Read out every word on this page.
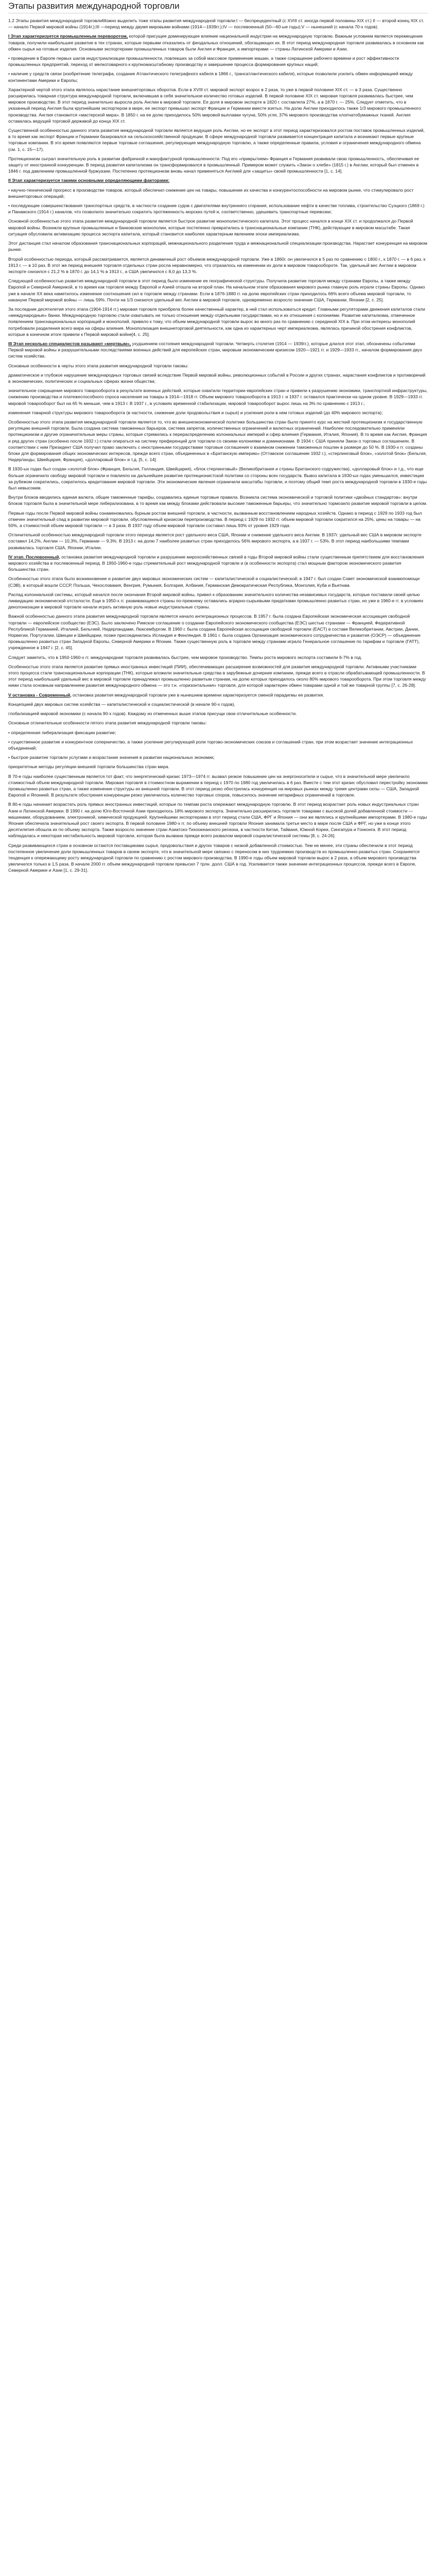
Этапы развития международной торговли

1.2 Этапы развития международной торговлиМожно выделить тоже этапы развития международной торговли:I — беспрецедентный (с XVIII ст. иногда первой половины XIX ст.) II — второй конец XIX ст. — начало Первой мировой войны (1914г.);III —период между двумя мировыми войнами (1914—1939гг.);IV — послевоенный (50—60-ые годы);V — нынешний (с начала 70-х годов).

I Этап характеризуется промышленным переворотом, которой присущее доминирующее влияние национальной индустрии на международную торговлю. Важным условием является перемещение товаров, получили наибольшее развитие в тех странах, которые первыми отказались от феодальных отношений, обогащающих их. В этот период международная торговля развивалась в основном как обмен сырья на готовые изделия. Основными экспортерами промышленных товаров были Англия и Франция, а импортерами — страны Латинской Америки и Азии.

• проведение в Европе первых шагов индустриализации промышленности, повлекших за собой массовое применение машин, а также сокращение рабочего времени и рост эффективности промышленных предприятий, переход от мелкотоварного к крупномасштабному производству и завершение процесса формирования крупных наций;

• наличие у средств связи (изобретение телеграфа, создание Атлантического телеграфного кабеля в 1866 г., трансатлантического кабеля), которые позволили усилить обмен информацией между континентами Америки и Европы;

Характерной чертой этого этапа являлось нарастание внешнеторговых оборотов. Если в XVIII ст. мировой экспорт возрос в 2 раза, то уже в первой половине XIX ст. — в 3 раза. Существенно расширилась товарная структура международной торговли, включившая в себя значительное количество готовых изделий. В первой половине XIX ст. мировая торговля развивалась быстрее, чем мировое производство. В этот период значительно выросла роль Англии в мировой торговле. Ее доля в мировом экспорте в 1820 г. составляла 27%, а в 1870 г. — 25%. Следует отметить, что в указанный период Англия была крупнейшим экспортером в мире, ее экспорт превышал экспорт Франции и Германии вместе взятых. На долю Англии приходилось также 1/3 мирового промышленного производства. Англия становится «мастерской мира». В 1850 г. на ее долю приходилось 50% мировой выплавки чугуна, 50% угля, 37% мирового производства хлопчатобумажных тканей. Англия оставалась ведущей торговой державой до конца XIX ст.

Существенной особенностью данного этапа развития международной торговли является ведущая роль Англии, но ее экспорт в этот период характеризовался ростом поставок промышленных изделий, в то время как экспорт Франции и Германии базировался на сельскохозяйственной продукции. В сфере международной торговли развивается концентрация капитала и возникают первые крупные торговые компании. В это время появляются первые торговые соглашения, регулирующие международную торговлю, а также определенные правила, условия и ограничения международного обмена (см. 1, с. 15—17).

Протекционизм сыграл значительную роль в развитии фабричной и мануфактурной промышленности. Под его «прикрытием» Франция и Германия развивали свою промышленность, обеспечивая ее защиту от иностранной конкуренции. В период развития капитализма он трансформировался в промышленный. Примером может служить «Закон о хлебе» (1815 г.) в Англии, который был отменен в 1846 г. под давлением промышленной буржуазии. Постепенно протекционизм вновь начал применяться Англией для «защиты» своей промышленности [1, с. 14].

II Этап характеризуется такими основными определяющими факторами:

• научно-технический прогресс в производстве товаров, который обеспечил снижение цен на товары, повышение их качества и конкурентоспособности на мировом рынке, что стимулировало рост внешнеторговых операций;

• последующие совершенствования транспортных средств, в частности создание судов с двигателями внутреннего сгорания, использование нефти в качестве топлива, строительство Суэцкого (1869 г.) и Панамского (1914 г.) каналов, что позволило значительно сократить протяженность морских путей и, соответственно, удешевить транспортные перевозки;

Основной особенностью этого этапа развития международной торговли является быстрое развитие монополистического капитала. Этот процесс начался в конце XIX ст. и продолжался до Первой мировой войны. Возникли крупные промышленные и банковские монополии, которые постепенно превратились в транснациональные компании (ТНК), действующие в мировом масштабе. Такая ситуация обусловила активизацию процесса экспорта капитала, который становится наиболее характерным явлением эпохи империализма.

Этот дистанция стал началом образования транснациональных корпораций, межнационального разделения труда и межнациональной специализации производства. Нарастает конкуренция на мировом рынке.

Второй особенностью периода, который рассматривается, является динамичный рост объемов международной торговли. Уже в 1860г. он увеличился в 5 раз по сравнению с 1800 г., к 1870 г. — в 6 раз, к 1913 г. — в 10 раз. В этот же период внешняя торговля отдельных стран росла неравномерно, что отразилось на изменении их доли в мировом товарообороте. Так, удельный вес Англии в мировом экспорте снизился с 21,2 % в 1870 г. до 14,1 % в 1913 г., а США увеличился с 8,0 до 13,3 %.

Следующей особенностью развития международной торговли в этот период было изменение ее географической структуры. Получила развитие торговля между странами Европы, а также между Европой и Северной Америкой, в то время как торговля между Европой и Азией отошла на второй план. На начальном этапе образования мирового рынка главную роль играли страны Европы. Однако уже в начале XX века наметилось изменение соотношения сил в торговле между странами. Если в 1876-1880 гг. на долю европейских стран приходилось 66% всего объема мировой торговли, то накануне Первой мировой войны — лишь 59%. Почти на 1/3 снизился удельный вес Англии в мировой торговле, одновременно возросло значение США, Германии, Японии [2, с. 25].

За последние десятилетия этого этапа (1904-1914 гг.) мировая торговля приобрела более качественный характер, в ней стал использоваться кредит. Главными регуляторами движения капиталов стали «международные» банки. Международную торговлю стали охватывать не только отношения между отдельными государствами, но и их отношения с колониями. Развитие капитализма, отмеченное появлением транснациональных корпораций и монополий, привело к тому, что объем международной торговли вырос во много раз по сравнению с серединой XIX в. При этом интересы монополий потребовали разделения всего мира на сферы влияния. Монополизация внешнеторговой деятельности, как одна из характерных черт империализма, являлась причиной обострения конфликтов, которые в конечном итоге привели к Первой мировой войне[4, с. 25].

III Этап несколько специалистов называют «мертвым», ухудшением состояния международной торговли. Четверть столетия (1914 — 1939гг.), которые длился этот этап, обозначены событиями Первой мировой войны и разрушительными последствиями военных действий для европейских стран, мировым экономическим кризисом 1920—1921 гг. и 1929—1933 гг., началом формирования двух систем хозяйства.

Основные особенности в черты этого этапа развития международной торговли таковы:

драматическое и глубокое нарушение международных торговых связей вследствие Первой мировой войны, революционных событий в России и других странах, нарастания конфликтов и противоречий в экономических, политических и социальных сферах жизни общества;

значительное сокращение мирового товарооборота в результате военных действий, которые охватили территории европейских стран и привели к разрушению экономики, транспортной инфраструктуры, снижению производства и платежеспособного спроса населения на товары в 1914—1918 гг. Объем мирового товарооборота в 1913 г. и 1937 г. оставался практически на одном уровне. В 1929—1933 гг. мировой товарооборот был на 65 % меньше, чем в 1913 г. В 1937 г., в условиях временной стабилизации, мировой товарооборот вырос лишь на 3% по сравнению с 1913 г.;

изменения товарной структуры мирового товарооборота (в частности, снижение доли продовольствия и сырья) и усиления роли в нем готовых изделий (до 40% мирового экспорта);

Особенностью этого этапа развития международной торговли является то, что во внешнеэкономической политике большинства стран было принято курс на жесткий протекционизм и государственную регуляцию внешней торговли. Была создана система таможенных барьеров, система запретов, количественных ограничений и валютных ограничений. Наиболее последовательно применяли протекционизм и другие ограничительные меры страны, которые стремились к перераспределению колониальных империй и сфер влияния (Германия, Италия, Япония). В то время как Англия, Франция и ряд других стран (особенно после 1932 г.) стали опираться на систему преференций для торговли со своими колониями и доминионами. В 1934 г. США приняли Закон о торговых соглашениях. В соответствии с ним Президент США получил право заключать с иностранными государствами торговые соглашения о взаимном снижении таможенных пошлин в размере до 50 %. В 1930-х гг. созданы блоки для формирования общих экономических интересов, прежде всего стран, объединенных в «Британскую империю» (Оттавское соглашение 1932 г.), «стерлинговый блок», «золотой блок» (Бельгия, Нидерланды, Швейцария, Франция), «долларовый блок» и т.д. [5, с. 14].

В 1930-ых годах был создан «золотой блок» (Франция, Бельгия, Голландия, Швейцария), «блок стерлинговый» (Великобритания и страны Британского содружества), «долларовый блок» и т.д., что еще больше ограничило свободу мировой торговли и повлияло на дальнейшее развитие протекционистской политики со стороны всех государств. Вывоз капитала в 1930-ых годах уменьшился, инвестиции за рубежом сократились, сократилось кредитование мировой торговли. Эти экономические явления ограничили масштабы торговли, и поэтому общий темп роста международной торговли в 1930-е годы был невысоким.

Внутри блоков вводились единая валюта, общие таможенные тарифы, создавались единые торговые правила. Возникла система экономической и торговой политики «двойных стандартов»: внутри блоков торговля была в значительной мере либерализована, в то время как между блоками действовали высокие таможенные барьеры, что значительно тормозило развитие мировой торговли в целом.

Первые годы после Первой мировой войны ознаменовались бурным ростом внешней торговли, в частности, вызванным восстановлением народных хозяйств. Однако в период с 1929 по 1933 год был отмечен значительный спад в развитии мировой торговли, обусловленный кризисом перепроизводства. В период с 1929 по 1932 гг. объем мировой торговли сократился на 25%, цены на товары — на 50%, а стоимостной объем мировой торговли — в 3 раза. В 1937 году объем мировой торговли составил лишь 93% от уровня 1929 года.

Отличительной особенностью международной торговли этого периода является рост удельного веса США, Японии и снижение удельного веса Англии. В 1937г. удельный вес США в мировом экспорте составил 14,2%, Англии — 10,3%, Германии — 9,3%. В 1913 г. на долю 7 наиболее развитых стран приходилось 56% мирового экспорта, а в 1937 г. — 53%. В этот период наибольшими темпами развивалась торговля США, Японии, Италии.

IV этап. Послевоенный, остановка развития международной торговли и разрушение мирохозяйственных связей в годы Второй мировой войны стали существенным препятствием для восстановления мирового хозяйства в послевоенный период. В 1950-1960-е годы стремительный рост международной торговли и (в особенности экспорта) стал мощным фактором экономического развития большинства стран.

Особенностью этого этапа было возникновение и развитие двух мировых экономических систем — капиталистической и социалистической; в 1947 г. был создан Совет экономической взаимопомощи (СЭВ), в который вошли СССР, Польша, Чехословакия, Венгрия, Румыния, Болгария, Албания, Германская Демократическая Республика, Монголия, Куба и Вьетнам.

Распад колониальной системы, который начался после окончания Второй мировой войны, привел к образованию значительного количества независимых государств, которые поставили своей целью ликвидацию экономической отсталости. Еще в 1950-х гг. развивающиеся страны по-прежнему оставались аграрно-сырьевыми придатками промышленно развитых стран, но уже в 1960-е гг. в условиях деколонизации в мировой торговле начали играть активную роль новые индустриальные страны.

Важной особенностью данного этапа развития международной торговли является начало интеграционных процессов. В 1957 г. была создана Европейская экономическая ассоциация свободной торговли — европейское сообщество (ЕЭС). Было заключено Римское соглашение о создании Европейского экономического сообщества (ЕЭС) шестью странами — Францией, Федеративной Республикой Германией, Италией, Бельгией, Нидерландами, Люксембургом. В 1960 г. была создана Европейская ассоциация свободной торговли (ЕАСТ) в составе Великобритании, Австрии, Дании, Норвегии, Португалии, Швеции и Швейцарии, позже присоединились Исландия и Финляндия. В 1961 г. была создана Организация экономического сотрудничества и развития (ОЭСР) — объединение промышленно развитых стран Западной Европы, Северной Америки и Японии. Также существенную роль в торговле между странами играло Генеральное соглашение по тарифам и торговле (ГАТТ), учрежденное в 1947 г. [2, с. 45].

Следует заметить, что в 1950-1960-х гг. международная торговля развивалась быстрее, чем мировое производство. Темпы роста мирового экспорта составили 6-7% в год.

Особенностью этого этапа является развитие прямых иностранных инвестиций (ПИИ), обеспечивающих расширение возможностей для развития международной торговли. Активными участниками этого процесса стали транснациональные корпорации (ТНК), которые вложили значительные средства в зарубежные дочерние компании, прежде всего в отрасли обрабатывающей промышленности. В этот период наибольший удельный вес в мировой торговле принадлежал промышленно развитым странам, на долю которых приходилось около 80% мирового товарооборота. При этом торговля между ними стала основным направлением развития международного обмена — это т.н. «горизонтальная» торговля, для которой характерен обмен товарами одной и той же товарной группы [7, с. 26-28].

V остановка - Современный, остановка развития международной торговли уже в нынешнем времени характеризуется сменой парадигмы ее развития.

Концепцией двух мировых систем хозяйства — капиталистической и социалистической (в начале 90-х годов),

глобализацией мировой экономики (с начала 90-х годов). Каждому из отмеченных выше этапов присущи свои отличительные особенности.

Основные отличительные особенности пятого этапа развития международной торговли таковы:

• определенная либерализация фиксации развитие;

• существенное развитие и конкурентное соперничество, а также усиление регулирующей роли торгово-экономических союзов и соглашений стран, при этом возрастает значение интеграционных объединений;

• быстрое развитие торговли услугами и возрастание значения в развитии национальных экономик;

приоритетные методы регуляции внешней торговли большинства стран мира.

В 70-е годы наиболее существенным является тот факт, что энергетический кризис 1973—1974 гг. вызвал резкое повышение цен на энергоносители и сырье, что в значительной мере увеличило стоимостный объем международной торговли. Мировая торговля в стоимостном выражении в период с 1970 по 1980 год увеличилась в 6 раз. Вместе с тем этот кризис обусловил перестройку экономики промышленно развитых стран, а также изменение структуры их внешней торговли. В этот период резко обострилась конкуренция на мировых рынках между тремя центрами силы — США, Западной Европой и Японией. В результате обострения конкуренции резко увеличилось количество торговых споров, повысилось значение нетарифных ограничений в торговле.

В 80-е годы начинает возрастать роль прямых иностранных инвестиций, которые по темпам роста опережают международную торговлю. В этот период возрастает роль новых индустриальных стран Азии и Латинской Америки. В 1990 г. на долю Юго-Восточной Азии приходилось 18% мирового экспорта. Значительно расширилась торговля товарами с высокой долей добавленной стоимости — машинами, оборудованием, электроникой, химической продукцией. Крупнейшими экспортерами в этот период стали США, ФРГ и Япония — они же являлись и крупнейшими импортерами. В 1980-е годы Япония обеспечила значительный рост своего экспорта. В первой половине 1980-х гг. по объему внешней торговли Япония занимала третье место в мире после США и ФРГ, но уже в конце этого десятилетия обошла их по объему экспорта. Также возросло значение стран Азиатско-Тихоокеанского региона, в частности Китая, Тайваня, Южной Кореи, Сингапура и Гонконга. В этот период наблюдалась и некоторая нестабильность мировой торговли, которая была вызвана прежде всего развалом мировой социалистической системы [8, с. 24-26].

Среди развивающихся стран в основном остаются поставщиками сырья, продовольствия и других товаров с низкой добавленной стоимостью. Тем не менее, эти страны обеспечили в этот период постепенное увеличение доли промышленных товаров в своем экспорте, что в значительной мере связано с переносом в них трудоемких производств из промышленно развитых стран. Сохраняется тенденция к опережающему росту международной торговли по сравнению с ростом мирового производства. В 1990-е годы объем мировой торговли вырос в 2 раза, а объем мирового производства увеличился только в 1,5 раза. В начале 2000 гг. объем международной торговли превысил 7 трлн. долл. США в год. Усиливается также значение интеграционных процессов, прежде всего в Европе, Северной Америке и Азии [1, с. 29-31].
